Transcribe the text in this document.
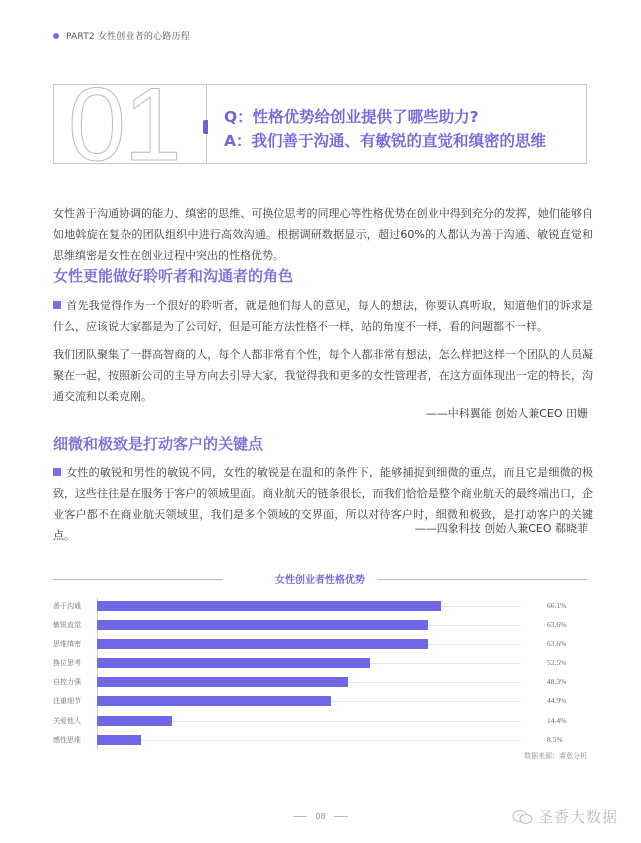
PART2 女性创业者的心路历程
01	Q：性格优势给创业提供了哪些助力?
A：我们善于沟通、有敏锐的直觉和缜密的思维

女性善于沟通协调的能力、缜密的思维、可换位思考的同理心等性格优势在创业中得到充分的发挥，她们能够自如地斡旋在复杂的团队组织中进行高效沟通。根据调研数据显示，超过60%的人都认为善于沟通、敏锐直觉和思维缜密是女性在创业过程中突出的性格优势。

女性更能做好聆听者和沟通者的角色

首先我觉得作为一个很好的聆听者，就是他们每人的意见，每人的想法，你要认真听取，知道他们的诉求是什么，应该说大家都是为了公司好，但是可能方法性格不一样，站的角度不一样，看的问题都不一样。

我们团队聚集了一群高智商的人，每个人都非常有个性，每个人都非常有想法，怎么样把这样一个团队的人员凝聚在一起，按照新公司的主导方向去引导大家，我觉得我和更多的女性管理者，在这方面体现出一定的特长，沟通交流和以柔克刚。

——中科翼能 创始人兼CEO 田姗
细微和极致是打动客户的关键点

女性的敏锐和男性的敏锐不同，女性的敏锐是在温和的条件下，能够捕捉到细微的重点，而且它是细微的极致，这些往往是在服务于客户的领域里面。商业航天的链条很长，而我们恰恰是整个商业航天的最终端出口，企业客户都不在商业航天领域里，我们是多个领域的交界面，所以对待客户时，细微和极致，是打动客户的关键点。

——四象科技 创始人兼CEO 郗晓菲
女性创业者性格优势
善于沟通	66.1%
敏锐直觉	63.6%
思维缜密	63.6%
换位思考	52.5%
自控力强	48.3%
注重细节	44.9%
关爱他人	14.4%
感性思维	8.5%
数据来源：睿意分析
08	圣香大数据
